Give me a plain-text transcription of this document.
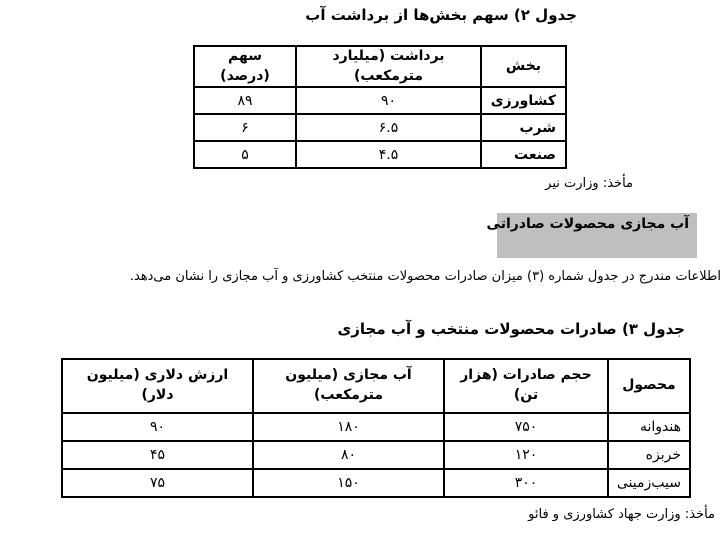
جدول ۲) سهم بخش‌ها از برداشت آب
بخش	برداشت (میلیارد مترمکعب)	سهم (درصد)
کشاورزی	۹۰	۸۹
شرب	۶.۵	۶
صنعت	۴.۵	۵
مأخذ: وزارت نیر
آب مجازی محصولات صادراتی
اطلاعات مندرج در جدول شماره (۳) میزان صادرات محصولات منتخب کشاورزی و آب مجازی را نشان می‌دهد.
جدول ۳) صادرات محصولات منتخب و آب مجازی
محصول	حجم صادرات (هزار تن)	آب مجازی (میلیون مترمکعب)	ارزش دلاری (میلیون دلار)
هندوانه	۷۵۰	۱۸۰	۹۰
خربزه	۱۲۰	۸۰	۴۵
سیب‌زمینی	۳۰۰	۱۵۰	۷۵
مأخذ: وزارت جهاد کشاورزی و فائو
